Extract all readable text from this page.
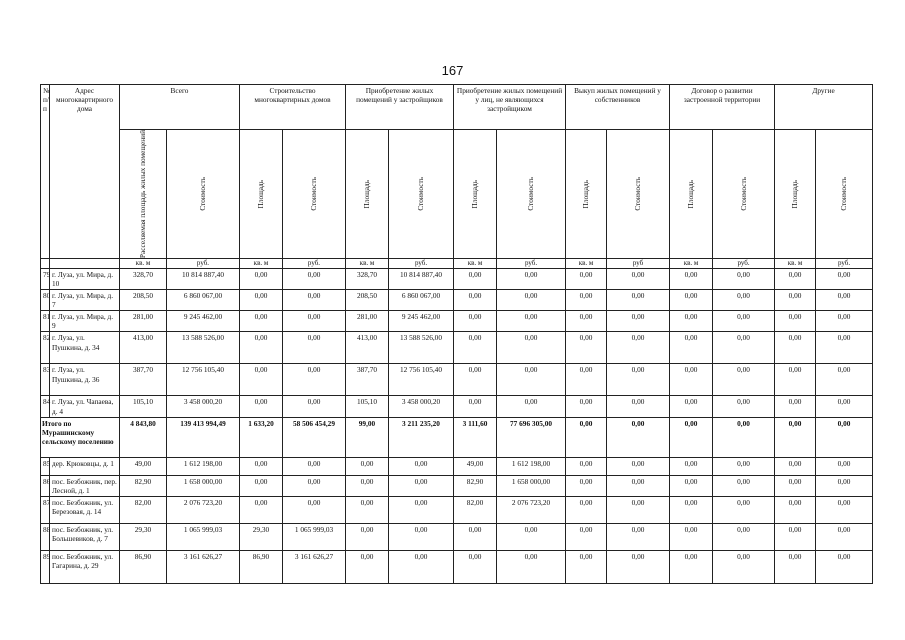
167
№ п/п	Адрес многоквартирного дома	Всего		Строительство многоквартирных домов		Приобретение жилых помещений у застройщиков		Приобретение жилых помещений у лиц, не являющихся застройщиком		Выкуп жилых помещений у собственников		Договор о развитии застроенной территории		Другие	

		Расселяемая площадь жилых помещений	Стоимость	Площадь	Стоимость	Площадь	Стоимость	Площадь	Стоимость	Площадь	Стоимость	Площадь	Стоимость	Площадь	Стоимость

		кв. м	руб.	кв. м	руб.	кв. м	руб.	кв. м	руб.	кв. м	руб	кв. м	руб.	кв. м	руб.
79	г. Луза, ул. Мира, д. 10	328,70	10 814 887,40	0,00	0,00	328,70	10 814 887,40	0,00	0,00	0,00	0,00	0,00	0,00	0,00	0,00
80	г. Луза, ул. Мира, д. 7	208,50	6 860 067,00	0,00	0,00	208,50	6 860 067,00	0,00	0,00	0,00	0,00	0,00	0,00	0,00	0,00
81	г. Луза, ул. Мира, д. 9	281,00	9 245 462,00	0,00	0,00	281,00	9 245 462,00	0,00	0,00	0,00	0,00	0,00	0,00	0,00	0,00
82	г. Луза, ул. Пушкина, д. 34	413,00	13 588 526,00	0,00	0,00	413,00	13 588 526,00	0,00	0,00	0,00	0,00	0,00	0,00	0,00	0,00
83	г. Луза, ул. Пушкина, д. 36	387,70	12 756 105,40	0,00	0,00	387,70	12 756 105,40	0,00	0,00	0,00	0,00	0,00	0,00	0,00	0,00
84	г. Луза, ул. Чапаева, д. 4	105,10	3 458 000,20	0,00	0,00	105,10	3 458 000,20	0,00	0,00	0,00	0,00	0,00	0,00	0,00	0,00
Итого по Мурашинскому сельскому поселению		4 843,80	139 413 994,49	1 633,20	58 506 454,29	99,00	3 211 235,20	3 111,60	77 696 305,00	0,00	0,00	0,00	0,00	0,00	0,00
85	дер. Крюковцы, д. 1	49,00	1 612 198,00	0,00	0,00	0,00	0,00	49,00	1 612 198,00	0,00	0,00	0,00	0,00	0,00	0,00
86	пос. Безбожник, пер. Лесной, д. 1	82,90	1 658 000,00	0,00	0,00	0,00	0,00	82,90	1 658 000,00	0,00	0,00	0,00	0,00	0,00	0,00
87	пос. Безбожник, ул. Березовая, д. 14	82,00	2 076 723,20	0,00	0,00	0,00	0,00	82,00	2 076 723,20	0,00	0,00	0,00	0,00	0,00	0,00
88	пос. Безбожник, ул. Большевиков, д. 7	29,30	1 065 999,03	29,30	1 065 999,03	0,00	0,00	0,00	0,00	0,00	0,00	0,00	0,00	0,00	0,00
89	пос. Безбожник, ул. Гагарина, д. 29	86,90	3 161 626,27	86,90	3 161 626,27	0,00	0,00	0,00	0,00	0,00	0,00	0,00	0,00	0,00	0,00
